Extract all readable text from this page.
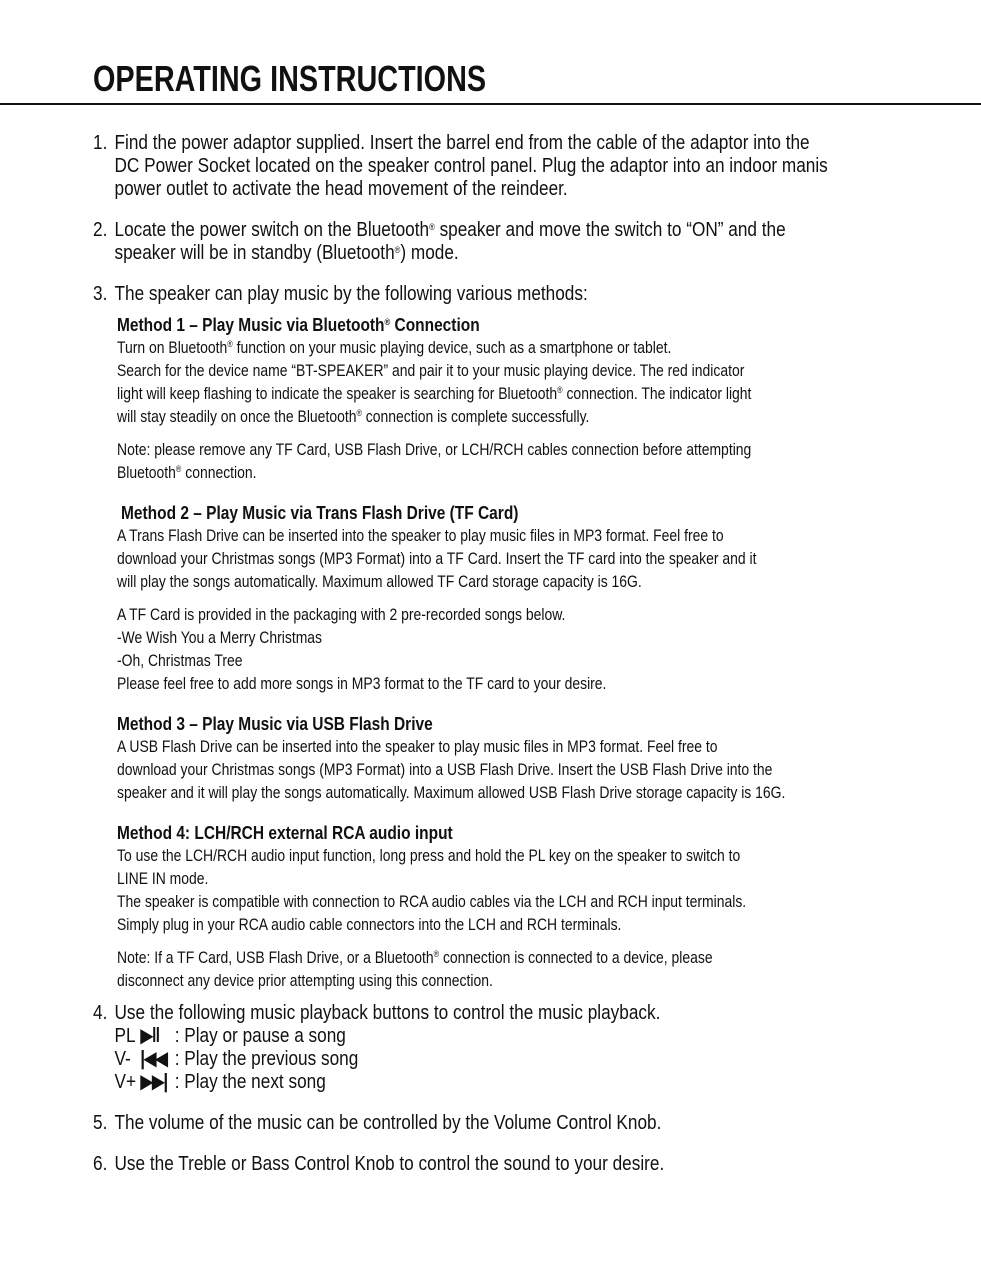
OPERATING INSTRUCTIONS
1. Find the power adaptor supplied. Insert the barrel end from the cable of the adaptor into the
DC Power Socket located on the speaker control panel. Plug the adaptor into an indoor manis
power outlet to activate the head movement of the reindeer.
2. Locate the power switch on the Bluetooth® speaker and move the switch to “ON” and the
speaker will be in standby (Bluetooth®) mode.
3. The speaker can play music by the following various methods:
Method 1 – Play Music via Bluetooth® Connection
Turn on Bluetooth® function on your music playing device, such as a smartphone or tablet.
Search for the device name “BT-SPEAKER” and pair it to your music playing device. The red indicator
light will keep flashing to indicate the speaker is searching for Bluetooth® connection. The indicator light
will stay steadily on once the Bluetooth® connection is complete successfully.
Note: please remove any TF Card, USB Flash Drive, or LCH/RCH cables connection before attempting
Bluetooth® connection.
Method 2 – Play Music via Trans Flash Drive (TF Card)
A Trans Flash Drive can be inserted into the speaker to play music files in MP3 format. Feel free to
download your Christmas songs (MP3 Format) into a TF Card. Insert the TF card into the speaker and it
will play the songs automatically. Maximum allowed TF Card storage capacity is 16G.
A TF Card is provided in the packaging with 2 pre-recorded songs below.
-We Wish You a Merry Christmas
-Oh, Christmas Tree
Please feel free to add more songs in MP3 format to the TF card to your desire.
Method 3 – Play Music via USB Flash Drive
A USB Flash Drive can be inserted into the speaker to play music files in MP3 format. Feel free to
download your Christmas songs (MP3 Format) into a USB Flash Drive. Insert the USB Flash Drive into the
speaker and it will play the songs automatically. Maximum allowed USB Flash Drive storage capacity is 16G.
Method 4: LCH/RCH external RCA audio input
To use the LCH/RCH audio input function, long press and hold the PL key on the speaker to switch to
LINE IN mode.
The speaker is compatible with connection to RCA audio cables via the LCH and RCH input terminals.
Simply plug in your RCA audio cable connectors into the LCH and RCH terminals.
Note: If a TF Card, USB Flash Drive, or a Bluetooth® connection is connected to a device, please
disconnect any device prior attempting using this connection.
4. Use the following music playback buttons to control the music playback.
PL ▶ǁ : Play or pause a song
V- |◀◀ : Play the previous song
V+ ▶▶| : Play the next song
5. The volume of the music can be controlled by the Volume Control Knob.
6. Use the Treble or Bass Control Knob to control the sound to your desire.
